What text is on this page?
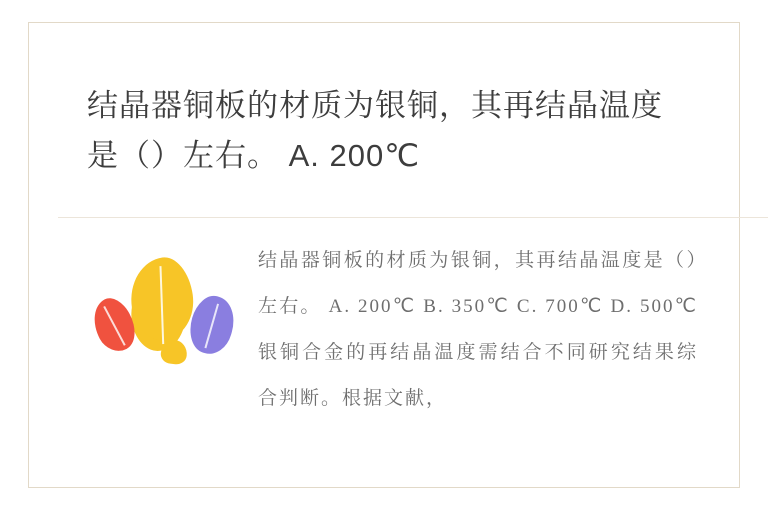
结晶器铜板的材质为银铜，其再结晶温度是（）左右。 A. 200℃
结晶器铜板的材质为银铜，其再结晶温度是（）左右。 A. 200℃ B. 350℃ C. 700℃ D. 500℃银铜合金的再结晶温度需结合不同研究结果综合判断。根据文献，
